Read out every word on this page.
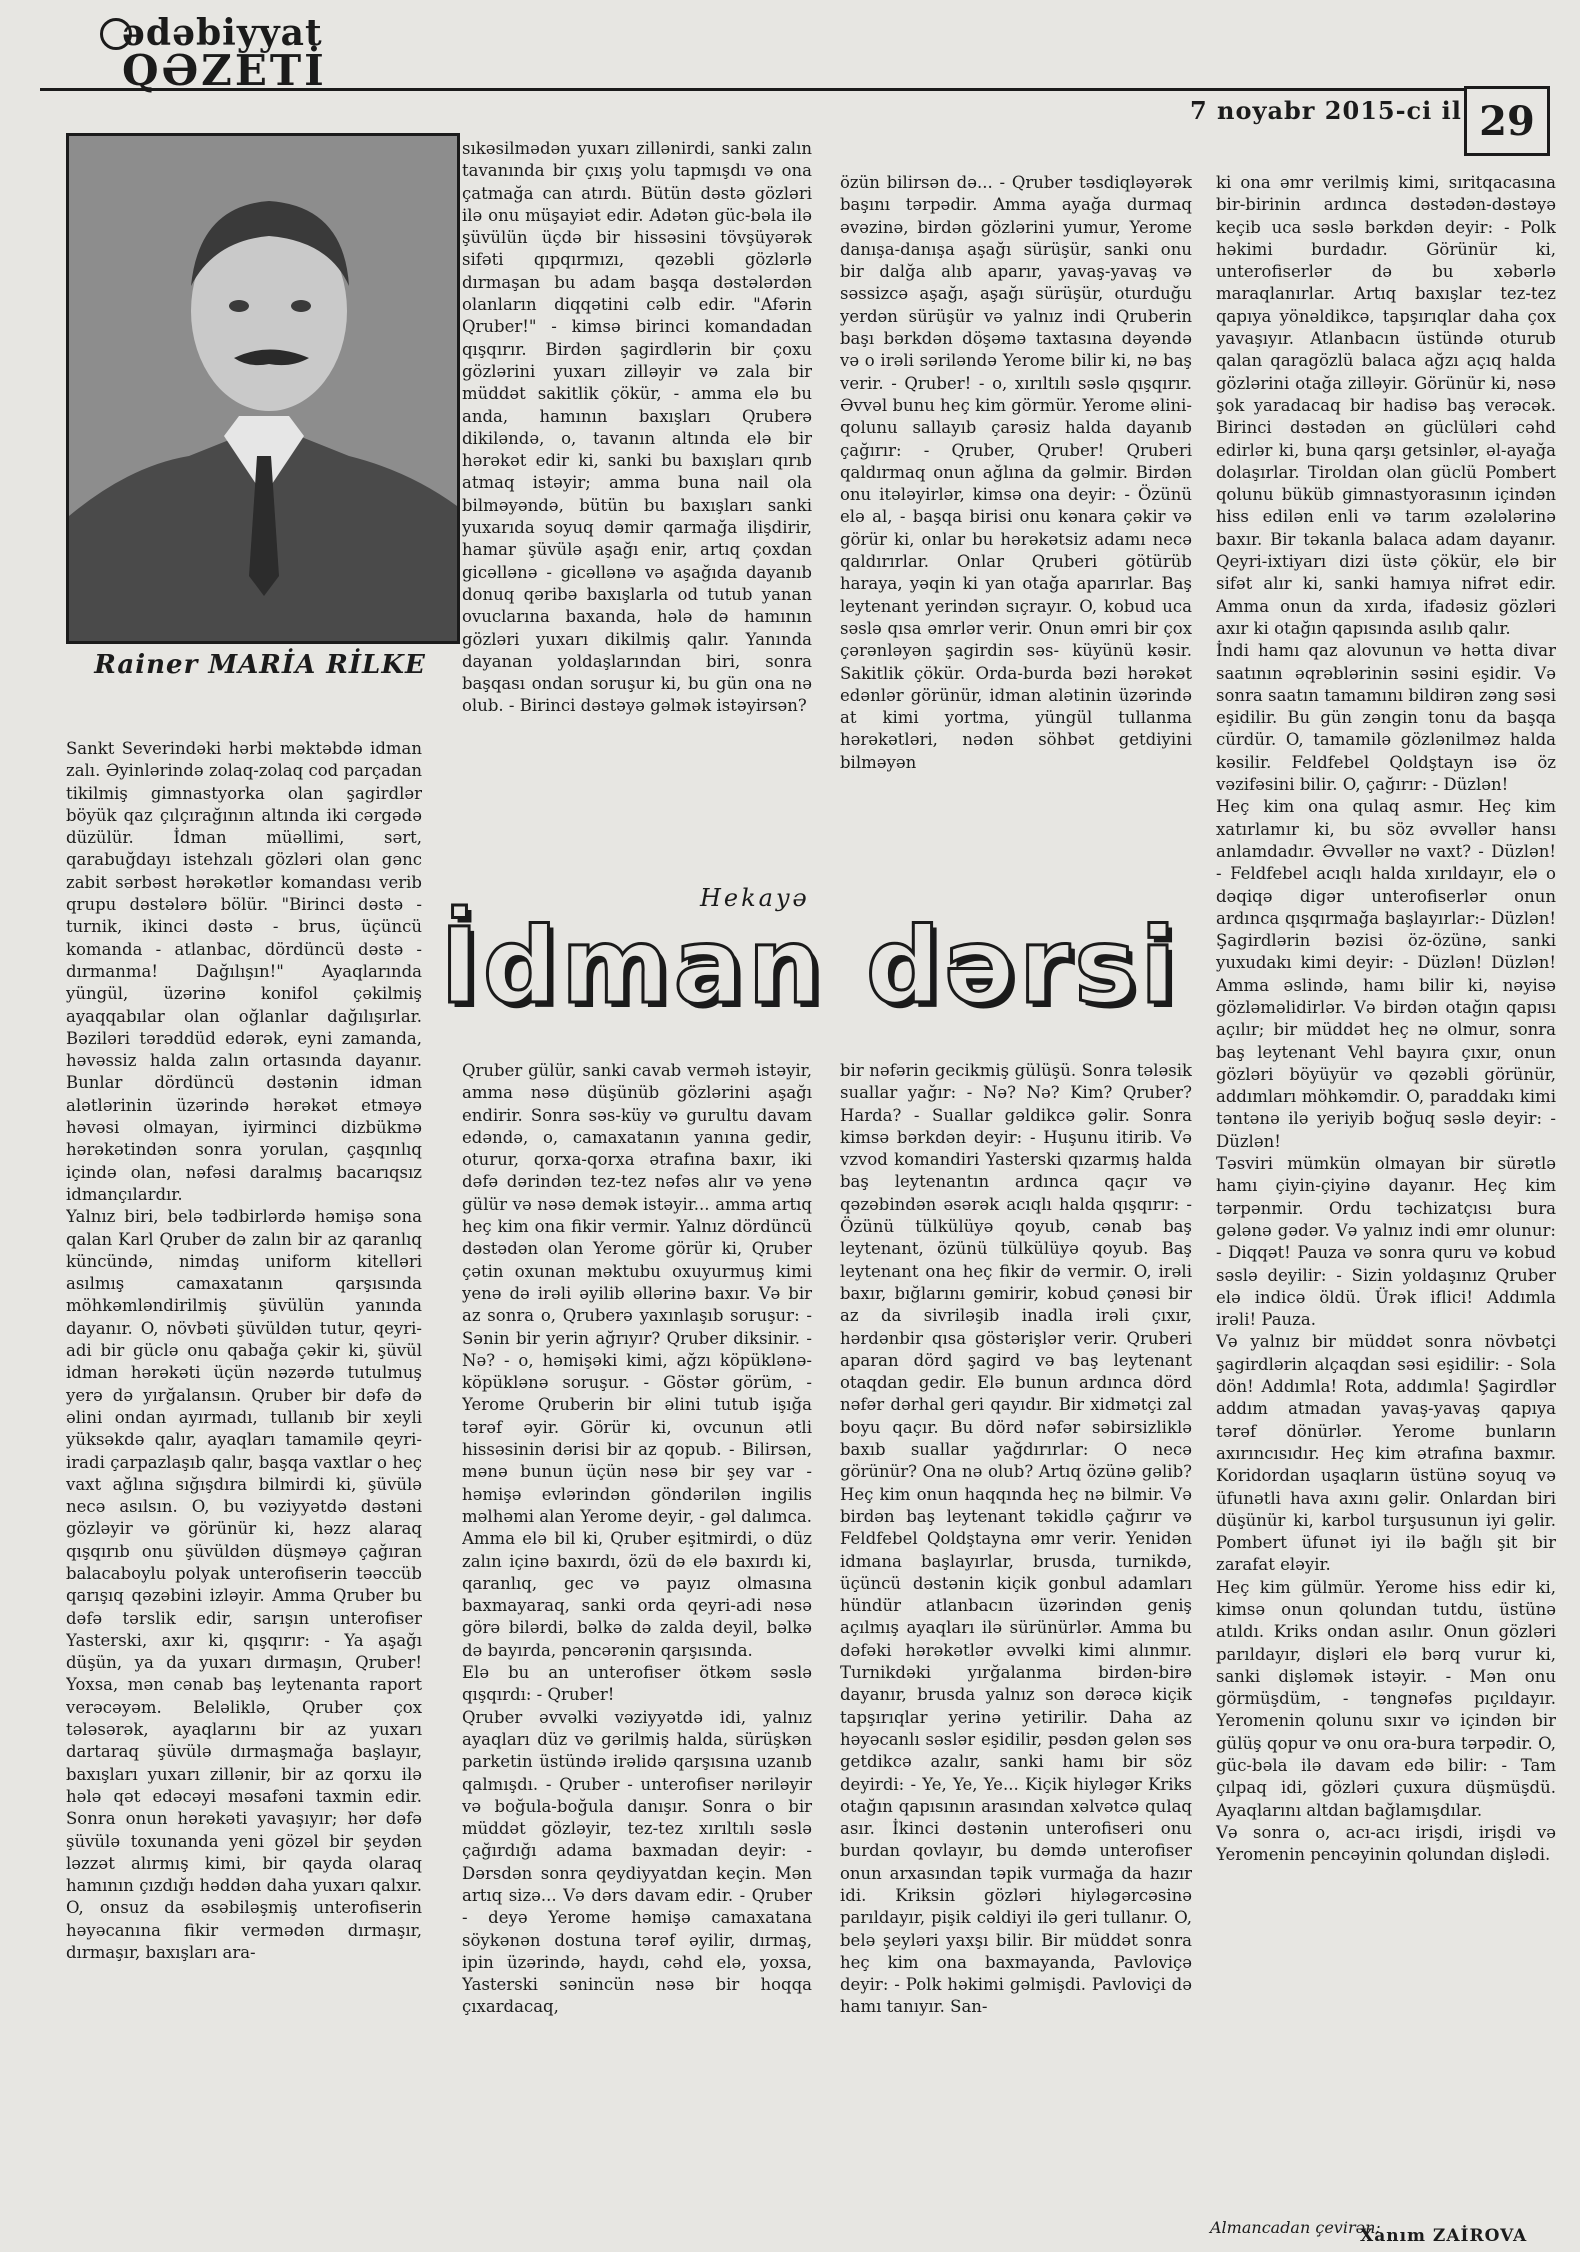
ədəbiyyat
QƏZETİ
7 noyabr 2015-ci il 29
Rainer MARİA RİLKE
Sankt Severindəki hərbi məktəbdə idman zalı. Əyinlərində zolaq-zolaq cod parçadan tikilmiş gimnastyorka olan şagirdlər böyük qaz çılçırağının altında iki cərgədə düzülür. İdman müəllimi, sərt, qarabuğdayı istehzalı gözləri olan gənc zabit sərbəst hərəkətlər komandası verib qrupu dəstələrə bölür. "Birinci dəstə - turnik, ikinci dəstə - brus, üçüncü komanda - atlanbac, dördüncü dəstə - dırmanma! Dağılışın!" Ayaqlarında yüngül, üzərinə konifol çəkilmiş ayaqqabılar olan oğlanlar dağılışırlar. Bəziləri tərəddüd edərək, eyni zamanda, həvəssiz halda zalın ortasında dayanır. Bunlar dördüncü dəstənin idman alətlərinin üzərində hərəkət etməyə həvəsi olmayan, iyirminci dizbükmə hərəkətindən sonra yorulan, çaşqınlıq içində olan, nəfəsi daralmış bacarıqsız idmançılardır.
Yalnız biri, belə tədbirlərdə həmişə sona qalan Karl Qruber də zalın bir az qaranlıq küncündə, nimdaş uniform kitelləri asılmış camaxatanın qarşısında möhkəmləndirilmiş şüvülün yanında dayanır. O, növbəti şüvüldən tutur, qeyri-adi bir güclə onu qabağa çəkir ki, şüvül idman hərəkəti üçün nəzərdə tutulmuş yerə də yırğalansın. Qruber bir dəfə də əlini ondan ayırmadı, tullanıb bir xeyli yüksəkdə qalır, ayaqları tamamilə qeyri-iradi çarpazlaşıb qalır, başqa vaxtlar o heç vaxt ağlına sığışdıra bilmirdi ki, şüvülə necə asılsın. O, bu vəziyyətdə dəstəni gözləyir və görünür ki, həzz alaraq qışqırıb onu şüvüldən düşməyə çağıran balacaboylu polyak unterofiserin təəccüb qarışıq qəzəbini izləyir. Amma Qruber bu dəfə tərslik edir, sarışın unterofiser Yasterski, axır ki, qışqırır: - Ya aşağı düşün, ya da yuxarı dırmaşın, Qruber! Yoxsa, mən cənab baş leytenanta raport verəcəyəm. Beləliklə, Qruber çox tələsərək, ayaqlarını bir az yuxarı dartaraq şüvülə dırmaşmağa başlayır, baxışları yuxarı zillənir, bir az qorxu ilə hələ qət edəcəyi məsafəni taxmin edir. Sonra onun hərəkəti yavaşıyır; hər dəfə şüvülə toxunanda yeni gözəl bir şeydən ləzzət alırmış kimi, bir qayda olaraq hamının çızdığı həddən daha yuxarı qalxır. O, onsuz da əsəbiləşmiş unterofiserin həyəcanına fikir vermədən dırmaşır, dırmaşır, baxışları ara-
sıkəsilmədən yuxarı zillənirdi, sanki zalın tavanında bir çıxış yolu tapmışdı və ona çatmağa can atırdı. Bütün dəstə gözləri ilə onu müşayiət edir. Adətən güc-bəla ilə şüvülün üçdə bir hissəsini tövşüyərək sifəti qıpqırmızı, qəzəbli gözlərlə dırmaşan bu adam başqa dəstələrdən olanların diqqətini cəlb edir. "Afərin Qruber!" - kimsə birinci komandadan qışqırır. Birdən şagirdlərin bir çoxu gözlərini yuxarı zilləyir və zala bir müddət sakitlik çökür, - amma elə bu anda, hamının baxışları Qruberə dikiləndə, o, tavanın altında elə bir hərəkət edir ki, sanki bu baxışları qırıb atmaq istəyir; amma buna nail ola bilməyəndə, bütün bu baxışları sanki yuxarıda soyuq dəmir qarmağa ilişdirir, hamar şüvülə aşağı enir, artıq çoxdan gicəllənə - gicəllənə və aşağıda dayanıb donuq qəribə baxışlarla od tutub yanan ovuclarına baxanda, hələ də hamının gözləri yuxarı dikilmiş qalır. Yanında dayanan yoldaşlarından biri, sonra başqası ondan soruşur ki, bu gün ona nə olub. - Birinci dəstəyə gəlmək istəyirsən?
özün bilirsən də... - Qruber təsdiqləyərək başını tərpədir. Amma ayağa durmaq əvəzinə, birdən gözlərini yumur, Yerome danışa-danışa aşağı sürüşür, sanki onu bir dalğa alıb aparır, yavaş-yavaş və səssizcə aşağı, aşağı sürüşür, oturduğu yerdən sürüşür və yalnız indi Qruberin başı bərkdən döşəmə taxtasına dəyəndə və o irəli səriləndə Yerome bilir ki, nə baş verir. - Qruber! - o, xırıltılı səslə qışqırır. Əvvəl bunu heç kim görmür. Yerome əlini-qolunu sallayıb çarəsiz halda dayanıb çağırır: - Qruber, Qruber! Qruberi qaldırmaq onun ağlına da gəlmir. Birdən onu itələyirlər, kimsə ona deyir: - Özünü elə al, - başqa birisi onu kənara çəkir və görür ki, onlar bu hərəkətsiz adamı necə qaldırırlar. Onlar Qruberi götürüb haraya, yəqin ki yan otağa aparırlar. Baş leytenant yerindən sıçrayır. O, kobud uca səslə qısa əmrlər verir. Onun əmri bir çox çərənləyən şagirdin səs- küyünü kəsir. Sakitlik çökür. Orda-burda bəzi hərəkət edənlər görünür, idman alətinin üzərində at kimi yortma, yüngül tullanma hərəkətləri, nədən söhbət getdiyini bilməyən
ki ona əmr verilmiş kimi, sıritqacasına bir-birinin ardınca dəstədən-dəstəyə keçib uca səslə bərkdən deyir: - Polk həkimi burdadır. Görünür ki, unterofiserlər də bu xəbərlə maraqlanırlar. Artıq baxışlar tez-tez qapıya yönəldikcə, tapşırıqlar daha çox yavaşıyır. Atlanbacın üstündə oturub qalan qaragözlü balaca ağzı açıq halda gözlərini otağa zilləyir. Görünür ki, nəsə şok yaradacaq bir hadisə baş verəcək. Birinci dəstədən ən güclüləri cəhd edirlər ki, buna qarşı getsinlər, əl-ayağa dolaşırlar. Tiroldan olan güclü Pombert qolunu büküb gimnastyorasının içindən hiss edilən enli və tarım əzələlərinə baxır. Bir təkanla balaca adam dayanır. Qeyri-ixtiyarı dizi üstə çökür, elə bir sifət alır ki, sanki hamıya nifrət edir. Amma onun da xırda, ifadəsiz gözləri axır ki otağın qapısında asılıb qalır.
İndi hamı qaz alovunun və hətta divar saatının əqrəblərinin səsini eşidir. Və sonra saatın tamamını bildirən zəng səsi eşidilir. Bu gün zəngin tonu da başqa cürdür. O, tamamilə gözlənilməz halda kəsilir. Feldfebel Qoldştayn isə öz vəzifəsini bilir. O, çağırır: - Düzlən!
Heç kim ona qulaq asmır. Heç kim xatırlamır ki, bu söz əvvəllər hansı anlamdadır. Əvvəllər nə vaxt? - Düzlən! - Feldfebel acıqlı halda xırıldayır, elə o dəqiqə digər unterofiserlər onun ardınca qışqırmağa başlayırlar:- Düzlən! Şagirdlərin bəzisi öz-özünə, sanki yuxudakı kimi deyir: - Düzlən! Düzlən! Amma əslində, hamı bilir ki, nəyisə gözləməlidirlər. Və birdən otağın qapısı açılır; bir müddət heç nə olmur, sonra baş leytenant Vehl bayıra çıxır, onun gözləri böyüyür və qəzəbli görünür, addımları möhkəmdir. O, paraddakı kimi təntənə ilə yeriyib boğuq səslə deyir: - Düzlən!
Təsviri mümkün olmayan bir sürətlə hamı çiyin-çiyinə dayanır. Heç kim tərpənmir. Ordu təchizatçısı bura gələnə gədər. Və yalnız indi əmr olunur: - Diqqət! Pauza və sonra quru və kobud səslə deyilir: - Sizin yoldaşınız Qruber elə indicə öldü. Ürək iflici! Addımla irəli! Pauza.
Və yalnız bir müddət sonra növbətçi şagirdlərin alçaqdan səsi eşidilir: - Sola dön! Addımla! Rota, addımla! Şagirdlər addım atmadan yavaş-yavaş qapıya tərəf dönürlər. Yerome bunların axırıncısıdır. Heç kim ətrafına baxmır. Koridordan uşaqların üstünə soyuq və üfunətli hava axını gəlir. Onlardan biri düşünür ki, karbol turşusunun iyi gəlir. Pombert üfunət iyi ilə bağlı şit bir zarafat eləyir.
Heç kim gülmür. Yerome hiss edir ki, kimsə onun qolundan tutdu, üstünə atıldı. Kriks ondan asılır. Onun gözləri parıldayır, dişləri elə bərq vurur ki, sanki dişləmək istəyir. - Mən onu görmüşdüm, - təngnəfəs pıçıldayır. Yeromenin qolunu sıxır və içindən bir gülüş qopur və onu ora-bura tərpədir. O, güc-bəla ilə davam edə bilir: - Tam çılpaq idi, gözləri çuxura düşmüşdü. Ayaqlarını altdan bağlamışdılar.
Və sonra o, acı-acı irişdi, irişdi və Yeromenin pencəyinin qolundan dişlədi.
Hekayə
İdman dərsi
Qruber gülür, sanki cavab verməh istəyir, amma nəsə düşünüb gözlərini aşağı endirir. Sonra səs-küy və gurultu davam edəndə, o, camaxatanın yanına gedir, oturur, qorxa-qorxa ətrafına baxır, iki dəfə dərindən tez-tez nəfəs alır və yenə gülür və nəsə demək istəyir... amma artıq heç kim ona fikir vermir. Yalnız dördüncü dəstədən olan Yerome görür ki, Qruber çətin oxunan məktubu oxuyurmuş kimi yenə də irəli əyilib əllərinə baxır. Və bir az sonra o, Qruberə yaxınlaşıb soruşur: - Sənin bir yerin ağrıyır? Qruber diksinir. - Nə? - o, həmişəki kimi, ağzı köpüklənə-köpüklənə soruşur. - Göstər görüm, - Yerome Qruberin bir əlini tutub işığa tərəf əyir. Görür ki, ovcunun ətli hissəsinin dərisi bir az qopub. - Bilirsən, mənə bunun üçün nəsə bir şey var - həmişə evlərindən göndərilən ingilis məlhəmi alan Yerome deyir, - gəl dalımca. Amma elə bil ki, Qruber eşitmirdi, o düz zalın içinə baxırdı, özü də elə baxırdı ki, qaranlıq, gec və payız olmasına baxmayaraq, sanki orda qeyri-adi nəsə görə bilərdi, bəlkə də zalda deyil, bəlkə də bayırda, pəncərənin qarşısında.
Elə bu an unterofiser ötkəm səslə qışqırdı: - Qruber!
Qruber əvvəlki vəziyyətdə idi, yalnız ayaqları düz və gərilmiş halda, sürüşkən parketin üstündə irəlidə qarşısına uzanıb qalmışdı. - Qruber - unterofiser nəriləyir və boğula-boğula danışır. Sonra o bir müddət gözləyir, tez-tez xırıltılı səslə çağırdığı adama baxmadan deyir: - Dərsdən sonra qeydiyyatdan keçin. Mən artıq sizə... Və dərs davam edir. - Qruber - deyə Yerome həmişə camaxatana söykənən dostuna tərəf əyilir, dırmaş, ipin üzərində, haydı, cəhd elə, yoxsa, Yasterski sənincün nəsə bir hoqqa çıxardacaq,
bir nəfərin gecikmiş gülüşü. Sonra tələsik suallar yağır: - Nə? Nə? Kim? Qruber? Harda? - Suallar gəldikcə gəlir. Sonra kimsə bərkdən deyir: - Huşunu itirib. Və vzvod komandiri Yasterski qızarmış halda baş leytenantın ardınca qaçır və qəzəbindən əsərək acıqlı halda qışqırır: - Özünü tülkülüyə qoyub, cənab baş leytenant, özünü tülkülüyə qoyub. Baş leytenant ona heç fikir də vermir. O, irəli baxır, bığlarını gəmirir, kobud çənəsi bir az da sivriləşib inadla irəli çıxır, hərdənbir qısa göstərişlər verir. Qruberi aparan dörd şagird və baş leytenant otaqdan gedir. Elə bunun ardınca dörd nəfər dərhal geri qayıdır. Bir xidmətçi zal boyu qaçır. Bu dörd nəfər səbirsizliklə baxıb suallar yağdırırlar: O necə görünür? Ona nə olub? Artıq özünə gəlib? Heç kim onun haqqında heç nə bilmir. Və birdən baş leytenant təkidlə çağırır və Feldfebel Qoldştayna əmr verir. Yenidən idmana başlayırlar, brusda, turnikdə, üçüncü dəstənin kiçik gonbul adamları hündür atlanbacın üzərindən geniş açılmış ayaqları ilə sürünürlər. Amma bu dəfəki hərəkətlər əvvəlki kimi alınmır. Turnikdəki yırğalanma birdən-birə dayanır, brusda yalnız son dərəcə kiçik tapşırıqlar yerinə yetirilir. Daha az həyəcanlı səslər eşidilir, pəsdən gələn səs getdikcə azalır, sanki hamı bir söz deyirdi: - Ye, Ye, Ye... Kiçik hiyləgər Kriks otağın qapısının arasından xəlvətcə qulaq asır. İkinci dəstənin unterofiseri onu burdan qovlayır, bu dəmdə unterofiser onun arxasından təpik vurmağa da hazır idi. Kriksin gözləri hiyləgərcəsinə parıldayır, pişik cəldiyi ilə geri tullanır. O, belə şeyləri yaxşı bilir. Bir müddət sonra heç kim ona baxmayanda, Pavloviçə deyir: - Polk həkimi gəlmişdi. Pavloviçi də hamı tanıyır. San-
Almancadan çevirən:
Xanım ZAİROVA
